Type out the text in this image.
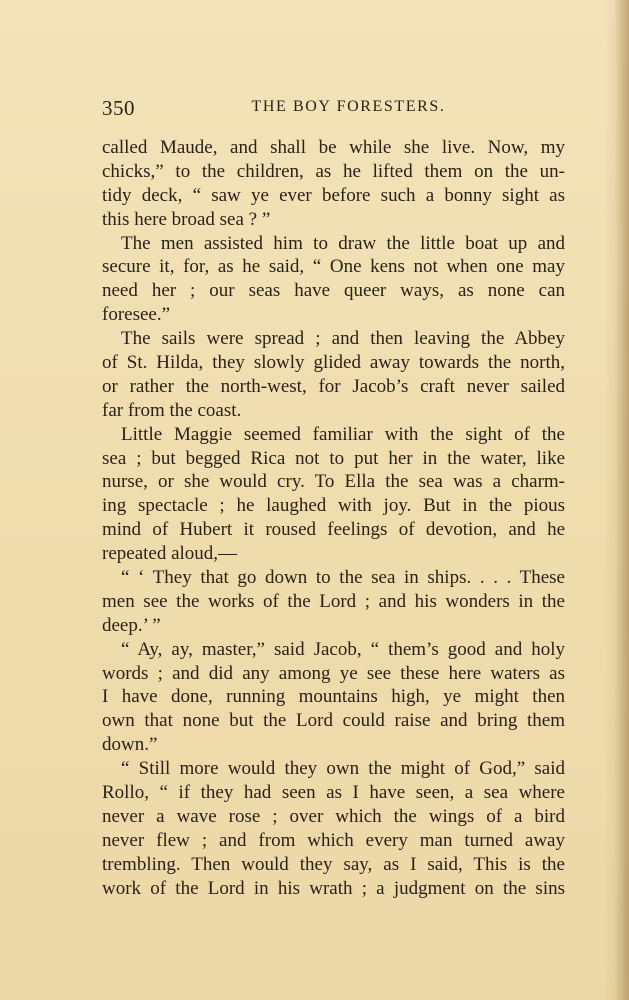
350	THE BOY FORESTERS.
called Maude, and shall be while she live. Now, my
chicks,” to the children, as he lifted them on the un-
tidy deck, “ saw ye ever before such a bonny sight as
this here broad sea ? ”
The men assisted him to draw the little boat up and
secure it, for, as he said, “ One kens not when one may
need her ; our seas have queer ways, as none can
foresee.”
The sails were spread ; and then leaving the Abbey
of St. Hilda, they slowly glided away towards the north,
or rather the north-west, for Jacob’s craft never sailed
far from the coast.
Little Maggie seemed familiar with the sight of the
sea ; but begged Rica not to put her in the water, like
nurse, or she would cry. To Ella the sea was a charm-
ing spectacle ; he laughed with joy. But in the pious
mind of Hubert it roused feelings of devotion, and he
repeated aloud,—
“ ‘ They that go down to the sea in ships. . . . These
men see the works of the Lord ; and his wonders in the
deep.’ ”
“ Ay, ay, master,” said Jacob, “ them’s good and holy
words ; and did any among ye see these here waters as
I have done, running mountains high, ye might then
own that none but the Lord could raise and bring them
down.”
“ Still more would they own the might of God,” said
Rollo, “ if they had seen as I have seen, a sea where
never a wave rose ; over which the wings of a bird
never flew ; and from which every man turned away
trembling. Then would they say, as I said, This is the
work of the Lord in his wrath ; a judgment on the sins
